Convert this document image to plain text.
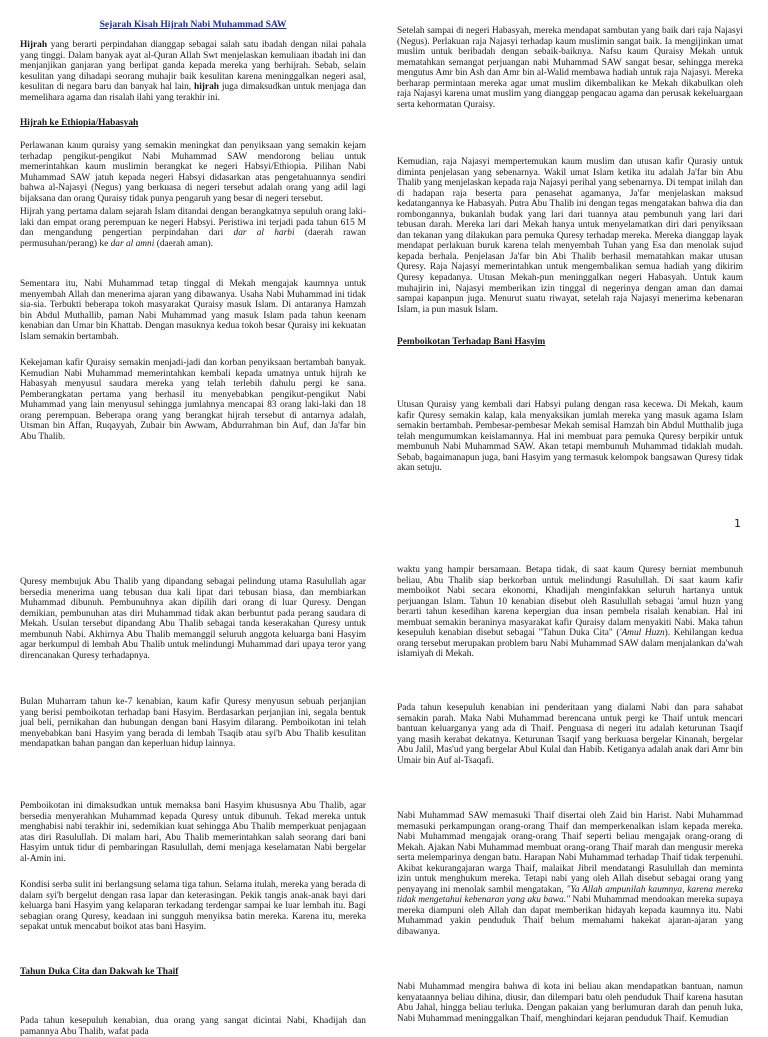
Sejarah Kisah Hijrah Nabi Muhammad SAW

Hijrah yang berarti perpindahan dianggap sebagai salah satu ibadah dengan nilai pahala yang tinggi. Dalam banyak ayat al-Quran Allah Swt menjelaskan kemuliaan ibadah ini dan menjanjikan ganjaran yang berlipat ganda kepada mereka yang berhijrah. Sebab, selain kesulitan yang dihadapi seorang muhajir baik kesulitan karena meninggalkan negeri asal, kesulitan di negara baru dan banyak hal lain, hijrah juga dimaksudkan untuk menjaga dan memelihara agama dan risalah ilahi yang terakhir ini.

Hijrah ke Ethiopia/Habasyah

Perlawanan kaum quraisy yang semakin meningkat dan penyiksaan yang semakin kejam terhadap pengikut-pengikut Nabi Muhammad SAW mendorong beliau untuk memerintahkan kaum muslimin berangkat ke negeri Habsyi/Ethiopia. Pilihan Nabi Muhammad SAW jatuh kepada negeri Habsyi didasarkan atas pengetahuannya sendiri bahwa al-Najasyi (Negus) yang berkuasa di negeri tersebut adalah orang yang adil lagi bijaksana dan orang Quraisy tidak punya pengaruh yang besar di negeri tersebut.

Hijrah yang pertama dalam sejarah Islam ditandai dengan berangkatnya sepuluh orang laki-laki dan empat orang perempuan ke negeri Habsyi. Peristiwa ini terjadi pada tahun 615 M dan mengandung pengertian perpindahan dari dar al harbi (daerah rawan permusuhan/perang) ke dar al amni (daerah aman).

Sementara itu, Nabi Muhammad tetap tinggal di Mekah mengajak kaumnya untuk menyembah Allah dan menerima ajaran yang dibawanya. Usaha Nabi Muhammad ini tidak sia-sia. Terbukti beberapa tokoh masyarakat Quraisy masuk Islam. Di antaranya Hamzah bin Abdul Muthallib, paman Nabi Muhammad yang masuk Islam pada tahun keenam kenabian dan Umar bin Khattab. Dengan masuknya kedua tokoh besar Quraisy ini kekuatan Islam semakin bertambah.

Kekejaman kafir Quraisy semakin menjadi-jadi dan korban penyiksaan bertambah banyak. Kemudian Nabi Muhammad memerintahkan kembali kepada umatnya untuk hijrah ke Habasyah menyusul saudara mereka yang telah terlebih dahulu pergi ke sana. Pemberangkatan pertama yang berhasil itu menyebabkan pengikut-pengikut Nabi Muhammad yang lain menyusul sehingga jumlahnya mencapai 83 orang laki-laki dan 18 orang perempuan. Beberapa orang yang berangkat hijrah tersebut di antarnya adalah, Utsman bin Affan, Ruqayyah, Zubair bin Awwam, Abdurrahman bin Auf, dan Ja'far bin Abu Thalib.

Setelah sampai di negeri Habasyah, mereka mendapat sambutan yang baik dari raja Najasyi (Negus). Perlakuan raja Najasyi terhadap kaum muslimin sangat baik. Ia mengijinkan umat muslim untuk beribadah dengan sebaik-baiknya. Nafsu kaum Quraisy Mekah untuk mematahkan semangat perjuangan nabi Muhammad SAW sangat besar, sehingga mereka mengutus Amr bin Ash dan Amr bin al-Walid membawa hadiah untuk raja Najasyi. Mereka berharap permintaan mereka agar umat muslim dikembalikan ke Mekah dikabulkan oleh raja Najasyi karena umat muslim yang dianggap pengacau agama dan perusak kekeluargaan serta kehormatan Quraisy.

Kemudian, raja Najasyi mempertemukan kaum muslim dan utusan kafir Qurasiy untuk diminta penjelasan yang sebenarnya. Wakil umat Islam ketika itu adalah Ja'far bin Abu Thalib yang menjelaskan kepada raja Najasyi perihal yang sebenarnya. Di tempat inilah dan di hadapan raja beserta para penasehat agamanya, Ja'far menjelaskan maksud kedatangannya ke Habasyah. Putra Abu Thalib ini dengan tegas mengatakan bahwa dia dan rombongannya, bukanlah budak yang lari dari tuannya atau pembunuh yang lari dari tebusan darah. Mereka lari dari Mekah hanya untuk menyelamatkan diri dari penyiksaan dan tekanan yang dilakukan para pemuka Quresy terhadap mereka. Mereka dianggap layak mendapat perlakuan buruk karena telah menyembah Tuhan yang Esa dan menolak sujud kepada berhala. Penjelasan Ja'far bin Abi Thalib berhasil mematahkan makar utusan Quresy. Raja Najasyi memerintahkan untuk mengembalikan semua hadiah yang dikirim Quresy kepadanya. Utusan Mekah-pun meninggalkan negeri Habasyah. Untuk kaum muhajirin ini, Najasyi memberikan izin tinggal di negerinya dengan aman dan damai sampai kapanpun juga. Menurut suatu riwayat, setelah raja Najasyi menerima kebenaran Islam, ia pun masuk Islam.

Pemboikotan Terhadap Bani Hasyim

Utusan Quraisy yang kembali dari Habsyi pulang dengan rasa kecewa. Di Mekah, kaum kafir Quresy semakin kalap, kala menyaksikan jumlah mereka yang masuk agama Islam semakin bertambah. Pembesar-pembesar Mekah semisal Hamzah bin Abdul Mutthalib juga telah mengumumkan keislamannya. Hal ini membuat para pemuka Quresy berpikir untuk membunuh Nabi Muhammad SAW. Akan tetapi membunuh Muhammad tidaklah mudah. Sebab, bagaimanapun juga, bani Hasyim yang termasuk kelompok bangsawan Quresy tidak akan setuju.

1

Quresy membujuk Abu Thalib yang dipandang sebagai pelindung utama Rasulullah agar bersedia menerima uang tebusan dua kali lipat dari tebusan biasa, dan membiarkan Muhammad dibunuh. Pembunuhnya akan dipilih dari orang di luar Quresy. Dengan demikian, pembunuhan atas diri Muhammad tidak akan berbuntut pada perang saudara di Mekah. Usulan tersebut dipandang Abu Thalib sebagai tanda keserakahan Quresy untuk membunuh Nabi. Akhirnya Abu Thalib memanggil seluruh anggota keluarga bani Hasyim agar berkumpul di lembah Abu Thalib untuk melindungi Muhammad dari upaya teror yang direncanakan Quresy terhadapnya.

Bulan Muharram tahun ke-7 kenabian, kaum kafir Quresy menyusun sebuah perjanjian yang berisi pemboikotan terhadap bani Hasyim. Berdasarkan perjanjian ini, segala bentuk jual beli, pernikahan dan hubungan dengan bani Hasyim dilarang. Pemboikotan ini telah menyebabkan bani Hasyim yang berada di lembah Tsaqib atau syi'b Abu Thalib kesulitan mendapatkan bahan pangan dan keperluan hidup lainnya.

Pemboikotan ini dimaksudkan untuk memaksa bani Hasyim khususnya Abu Thalib, agar bersedia menyerahkan Muhammad kepada Quresy untuk dibunuh. Tekad mereka untuk menghabisi nabi terakhir ini, sedemikian kuat sehingga Abu Thalib memperkuat penjagaan atas diri Rasulullah. Di malam hari, Abu Thalib memerintahkan salah seorang dari bani Hasyim untuk tidur di pembaringan Rasulullah, demi menjaga keselamatan Nabi bergelar al-Amin ini.

Kondisi serba sulit ini berlangsung selama tiga tahun. Selama itulah, mereka yang berada di dalam syi'b bergelut dengan rasa lapar dan keterasingan. Pekik tangis anak-anak bayi dari keluarga bani Hasyim yang kelaparan terkadang terdengar sampai ke luar lembah itu. Bagi sebagian orang Quresy, keadaan ini sungguh menyiksa batin mereka. Karena itu, mereka sepakat untuk mencabut boikot atas bani Hasyim.

Tahun Duka Cita dan Dakwah ke Thaif

Pada tahun kesepuluh kenabian, dua orang yang sangat dicintai Nabi, Khadijah dan pamannya Abu Thalib, wafat pada

waktu yang hampir bersamaan. Betapa tidak, di saat kaum Quresy berniat membunuh beliau, Abu Thalib siap berkorban untuk melindungi Rasulullah. Di saat kaum kafir memboikot Nabi secara ekonomi, Khadijah menginfakkan seluruh hartanya untuk perjuangan Islam. Tahun 10 kenabian disebut oleh Rasulullah sebagai 'amul huzn yang berarti tahun kesedihan karena kepergian dua insan pembela risalah kenabian. Hal ini membuat semakin beraninya masyarakat kafir Quraisy dalam menyakiti Nabi. Maka tahun kesepuluh kenabian disebut sebagai "Tahun Duka Cita" ('Amul Huzn). Kehilangan kedua orang tersebut merupakan problem baru Nabi Muhammad SAW dalam menjalankan da'wah islamiyah di Mekah.

Pada tahun kesepuluh kenabian ini penderitaan yang dialami Nabi dan para sahabat semakin parah. Maka Nabi Muhammad berencana untuk pergi ke Thaif untuk mencari bantuan keluarganya yang ada di Thaif. Penguasa di negeri itu adalah keturunan Tsaqif yang masih kerabat dekatnya. Keturunan Tsaqif yang berkuasa bergelar Kinanah, bergelar Abu Jalil, Mas'ud yang bergelar Abul Kulal dan Habib. Ketiganya adalah anak dari Amr bin Umair bin Auf al-Tsaqafi.

Nabi Muhammad SAW memasuki Thaif disertai oleh Zaid bin Harist. Nabi Muhammad memasuki perkampungan orang-orang Thaif dan memperkenalkan islam kepada mereka. Nabi Muhammad mengajak orang-orang Thaif seperti beliau mengajak orang-orang di Mekah. Ajakan Nabi Muhammad membuat orang-orang Thaif marah dan mengusir mereka serta melemparinya dengan batu. Harapan Nabi Muhammad terhadap Thaif tidak terpenuhi. Akibat kekurangajaran warga Thaif, malaikat Jibril mendatangi Rasulullah dan meminta izin untuk menghukum mereka. Tetapi nabi yang oleh Allah disebut sebagai orang yang penyayang ini menolak sambil mengatakan, "Ya Allah ampunilah kaumnya, karena mereka tidak mengetahui kebenaran yang aku bawa." Nabi Muhammad mendoakan mereka supaya mereka diampuni oleh Allah dan dapat memberikan hidayah kepada kaumnya itu. Nabi Muhammad yakin penduduk Thaif belum memahami hakekat ajaran-ajaran yang dibawanya.

Nabi Muhammad mengira bahwa di kota ini beliau akan mendapatkan bantuan, namun kenyataannya beliau dihina, diusir, dan dilempari batu oleh penduduk Thaif karena hasutan Abu Jahal, hingga beliau terluka. Dengan pakaian yang berlumuran darah dan penuh luka, Nabi Muhammad meninggalkan Thaif, menghindari kejaran penduduk Thaif. Kemudian
